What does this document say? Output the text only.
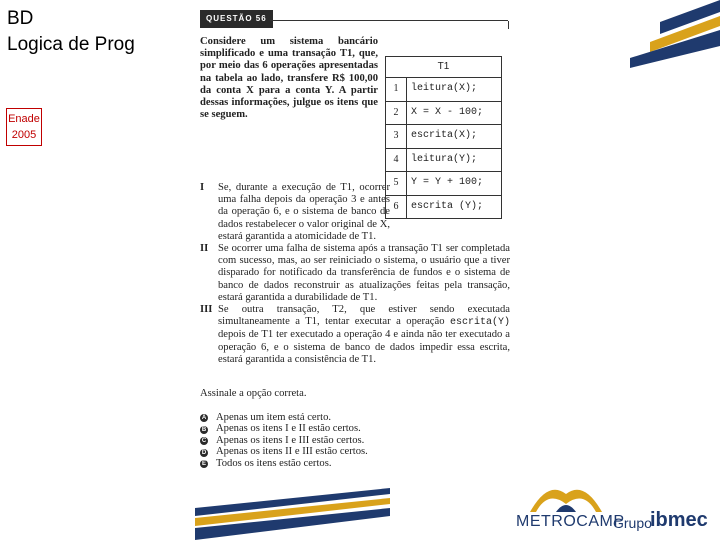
BD
Logica de Prog
Enade
2005
QUESTÃO 56
Considere um sistema bancário simplificado e uma transação T1, que, por meio das 6 operações apresentadas na tabela ao lado, transfere R$ 100,00 da conta X para a conta Y. A partir dessas informações, julgue os itens que se seguem.
T1	
1	leitura(X);
2	X = X - 100;
3	escrita(X);
4	leitura(Y);
5	Y = Y + 100;
6	escrita (Y);
I	Se, durante a execução de T1, ocorrer uma falha depois da operação 3 e antes da operação 6, e o sistema de banco de dados restabelecer o valor original de X, estará garantida a atomicidade de T1.
II Se ocorrer uma falha de sistema após a transação T1 ser completada com sucesso, mas, ao ser reiniciado o sistema, o usuário que a tiver disparado for notificado da transferência de fundos e o sistema de banco de dados reconstruir as atualizações feitas pela transação, estará garantida a durabilidade de T1.
III Se outra transação, T2, que estiver sendo executada simultaneamente a T1, tentar executar a operação escrita(Y) depois de T1 ter executado a operação 4 e ainda não ter executado a operação 6, e o sistema de banco de dados impedir essa escrita, estará garantida a consistência de T1.
Assinale a opção correta.
A Apenas um item está certo.
B Apenas os itens I e II estão certos.
C Apenas os itens I e III estão certos.
D Apenas os itens II e III estão certos.
E Todos os itens estão certos.
METROCAMP
Grupo
ibmec
